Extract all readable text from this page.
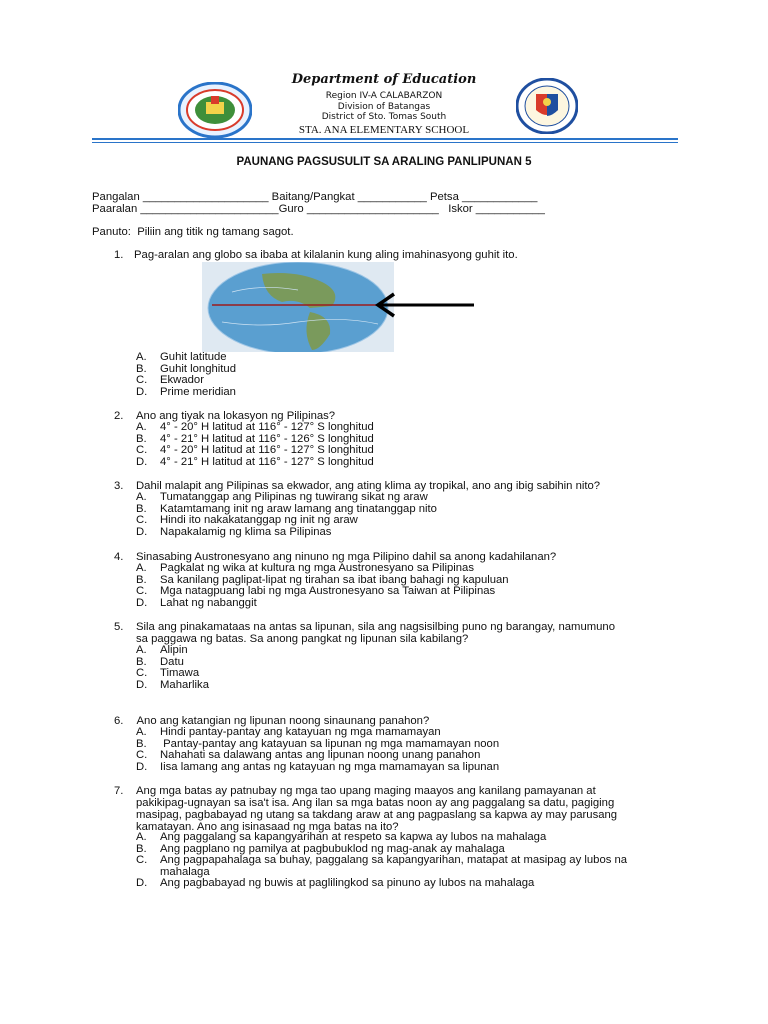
Department of Education
Region IV-A CALABARZON
Division of Batangas
District of Sto. Tomas South
STA. ANA ELEMENTARY SCHOOL
PAUNANG PAGSUSULIT SA ARALING PANLIPUNAN 5
Pangalan ____________________ Baitang/Pangkat ___________ Petsa ____________
Paaralan ______________________Guro _____________________   Iskor ___________
Panuto:  Piliin ang titik ng tamang sagot.
1. Pag-aralan ang globo sa ibaba at kilalanin kung aling imahinasyong guhit ito.
A. Guhit latitude
B. Guhit longhitud
C. Ekwador
D. Prime meridian
2. Ano ang tiyak na lokasyon ng Pilipinas?
A. 4° - 20° H latitud at 116° - 127° S longhitud
B. 4° - 21° H latitud at 116° - 126° S longhitud
C. 4° - 20° H latitud at 116° - 127° S longhitud
D. 4° - 21° H latitud at 116° - 127° S longhitud
3. Dahil malapit ang Pilipinas sa ekwador, ang ating klima ay tropikal, ano ang ibig sabihin nito?
A. Tumatanggap ang Pilipinas ng tuwirang sikat ng araw
B. Katamtamang init ng araw lamang ang tinatanggap nito
C. Hindi ito nakakatanggap ng init ng araw
D. Napakalamig ng klima sa Pilipinas
4. Sinasabing Austronesyano ang ninuno ng mga Pilipino dahil sa anong kadahilanan?
A. Pagkalat ng wika at kultura ng mga Austronesyano sa Pilipinas
B. Sa kanilang paglipat-lipat ng tirahan sa ibat ibang bahagi ng kapuluan
C. Mga natagpuang labi ng mga Austronesyano sa Taiwan at Pilipinas
D. Lahat ng nabanggit
5. Sila ang pinakamataas na antas sa lipunan, sila ang nagsisilbing puno ng barangay, namumuno
sa paggawa ng batas. Sa anong pangkat ng lipunan sila kabilang?
A. Alipin
B. Datu
C. Timawa
D. Maharlika
6. Ano ang katangian ng lipunan noong sinaunang panahon?
A. Hindi pantay-pantay ang katayuan ng mga mamamayan
B. Pantay-pantay ang katayuan sa lipunan ng mga mamamayan noon
C. Nahahati sa dalawang antas ang lipunan noong unang panahon
D. Iisa lamang ang antas ng katayuan ng mga mamamayan sa lipunan
7. Ang mga batas ay patnubay ng mga tao upang maging maayos ang kanilang pamayanan at
pakikipag-ugnayan sa isa't isa. Ang ilan sa mga batas noon ay ang paggalang sa datu, pagiging
masipag, pagbabayad ng utang sa takdang araw at ang pagpaslang sa kapwa ay may parusang
kamatayan. Ano ang isinasaad ng mga batas na ito?
A. Ang paggalang sa kapangyarihan at respeto sa kapwa ay lubos na mahalaga
B. Ang pagplano ng pamilya at pagbubuklod ng mag-anak ay mahalaga
C. Ang pagpapahalaga sa buhay, paggalang sa kapangyarihan, matapat at masipag ay lubos na
mahalaga
D. Ang pagbabayad ng buwis at paglilingkod sa pinuno ay lubos na mahalaga
